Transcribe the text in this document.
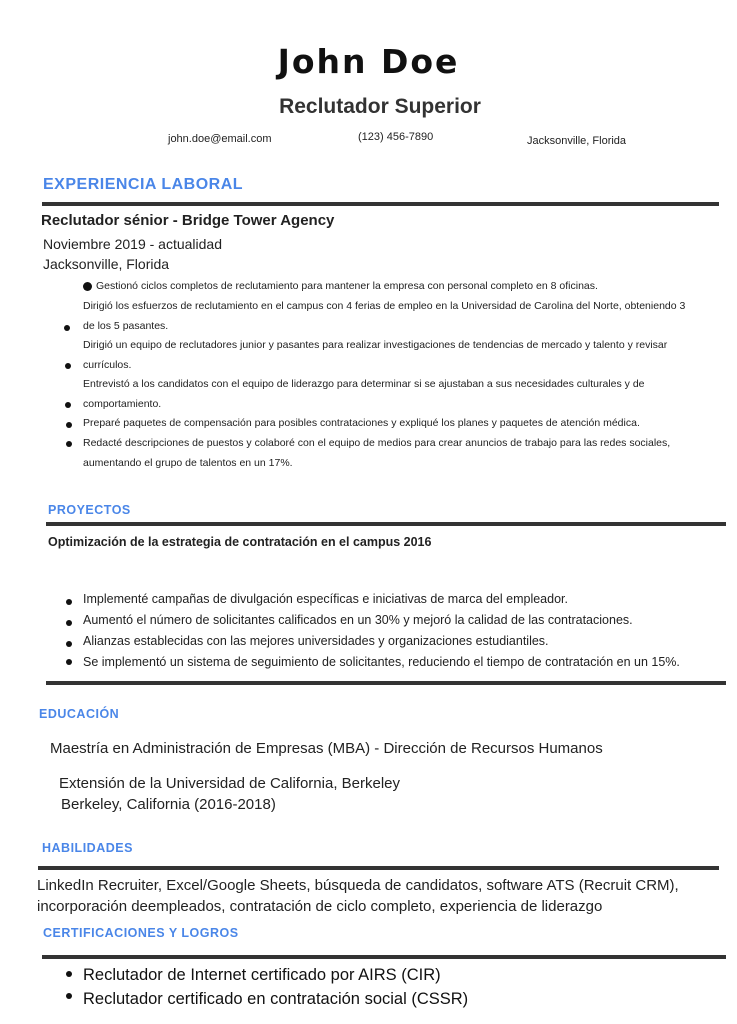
John Doe
Reclutador Superior
john.doe@email.com	(123) 456-7890	Jacksonville, Florida
EXPERIENCIA LABORAL
Reclutador sénior - Bridge Tower Agency
Noviembre 2019 - actualidad
Jacksonville, Florida
Gestionó ciclos completos de reclutamiento para mantener la empresa con personal completo en 8 oficinas.
Dirigió los esfuerzos de reclutamiento en el campus con 4 ferias de empleo en la Universidad de Carolina del Norte, obteniendo 3
de los 5 pasantes.
Dirigió un equipo de reclutadores junior y pasantes para realizar investigaciones de tendencias de mercado y talento y revisar
currículos.
Entrevistó a los candidatos con el equipo de liderazgo para determinar si se ajustaban a sus necesidades culturales y de
comportamiento.
Preparé paquetes de compensación para posibles contrataciones y expliqué los planes y paquetes de atención médica.
Redacté descripciones de puestos y colaboré con el equipo de medios para crear anuncios de trabajo para las redes sociales,
aumentando el grupo de talentos en un 17%.
PROYECTOS
Optimización de la estrategia de contratación en el campus 2016
Implementé campañas de divulgación específicas e iniciativas de marca del empleador.
Aumentó el número de solicitantes calificados en un 30% y mejoró la calidad de las contrataciones.
Alianzas establecidas con las mejores universidades y organizaciones estudiantiles.
Se implementó un sistema de seguimiento de solicitantes, reduciendo el tiempo de contratación en un 15%.
EDUCACIÓN
Maestría en Administración de Empresas (MBA) - Dirección de Recursos Humanos
Extensión de la Universidad de California, Berkeley
Berkeley, California (2016-2018)
HABILIDADES
LinkedIn Recruiter, Excel/Google Sheets, búsqueda de candidatos, software ATS (Recruit CRM),
incorporación deempleados, contratación de ciclo completo, experiencia de liderazgo
CERTIFICACIONES Y LOGROS
Reclutador de Internet certificado por AIRS (CIR)
Reclutador certificado en contratación social (CSSR)
